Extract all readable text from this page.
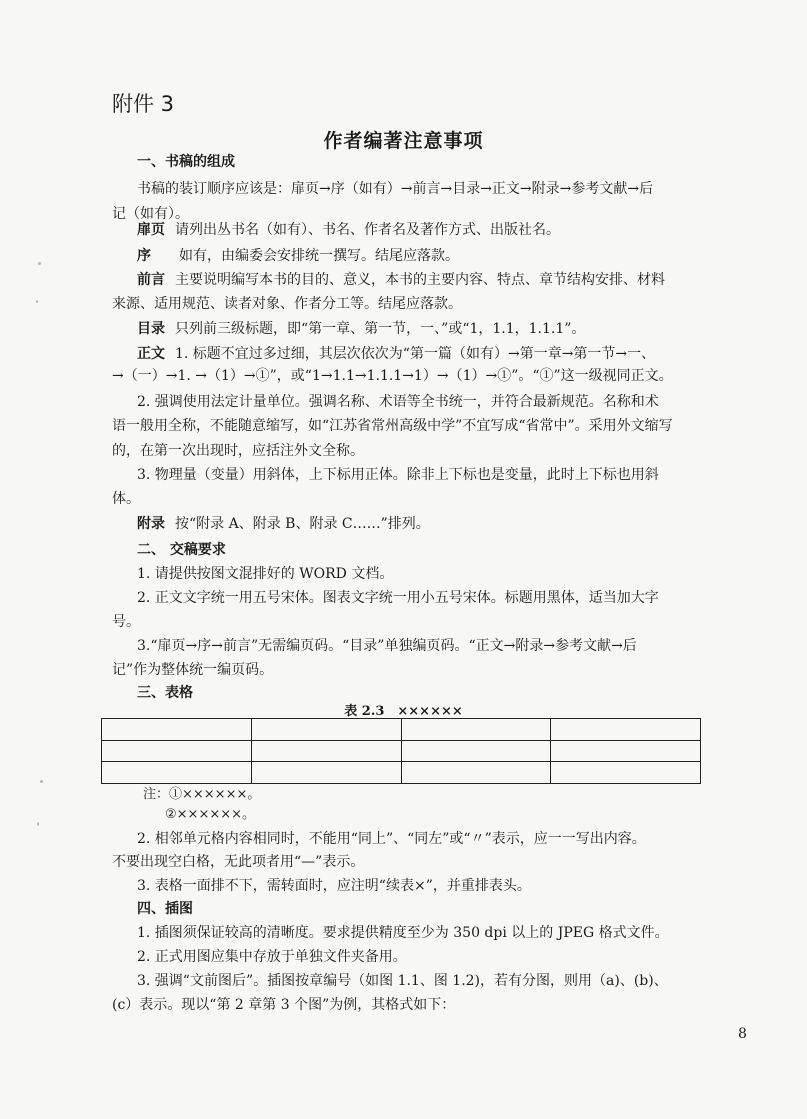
附件 3
作者编著注意事项
一、书稿的组成
书稿的装订顺序应该是：扉页→序（如有）→前言→目录→正文→附录→参考文献→后
记（如有）。
扉页 请列出丛书名（如有）、书名、作者名及著作方式、出版社名。
序 如有，由编委会安排统一撰写。结尾应落款。
前言 主要说明编写本书的目的、意义，本书的主要内容、特点、章节结构安排、材料
来源、适用规范、读者对象、作者分工等。结尾应落款。
目录 只列前三级标题，即“第一章、第一节，一、”或“1，1.1，1.1.1”。
正文 1. 标题不宜过多过细，其层次依次为“第一篇（如有）→第一章→第一节→一、
→（一）→1. →（1）→①”，或“1→1.1→1.1.1→1）→（1）→①”。“①”这一级视同正文。
2. 强调使用法定计量单位。强调名称、术语等全书统一，并符合最新规范。名称和术
语一般用全称，不能随意缩写，如“江苏省常州高级中学”不宜写成“省常中”。采用外文缩写
的，在第一次出现时，应括注外文全称。
3. 物理量（变量）用斜体，上下标用正体。除非上下标也是变量，此时上下标也用斜
体。
附录 按“附录 A、附录 B、附录 C……”排列。
二、 交稿要求
1. 请提供按图文混排好的 WORD 文档。
2. 正文文字统一用五号宋体。图表文字统一用小五号宋体。标题用黑体，适当加大字
号。
3.“扉页→序→前言”无需编页码。“目录”单独编页码。“正文→附录→参考文献→后
记”作为整体统一编页码。
三、表格
表 2.3　××××××

注：①××××××。
②××××××。
2. 相邻单元格内容相同时，不能用“同上”、“同左”或“〃”表示，应一一写出内容。
不要出现空白格，无此项者用“—”表示。
3. 表格一面排不下，需转面时，应注明“续表×”，并重排表头。
四、插图
1. 插图须保证较高的清晰度。要求提供精度至少为 350 dpi 以上的 JPEG 格式文件。
2. 正式用图应集中存放于单独文件夹备用。
3. 强调“文前图后”。插图按章编号（如图 1.1、图 1.2)，若有分图，则用（a)、(b)、
(c）表示。现以“第 2 章第 3 个图”为例，其格式如下：
8
